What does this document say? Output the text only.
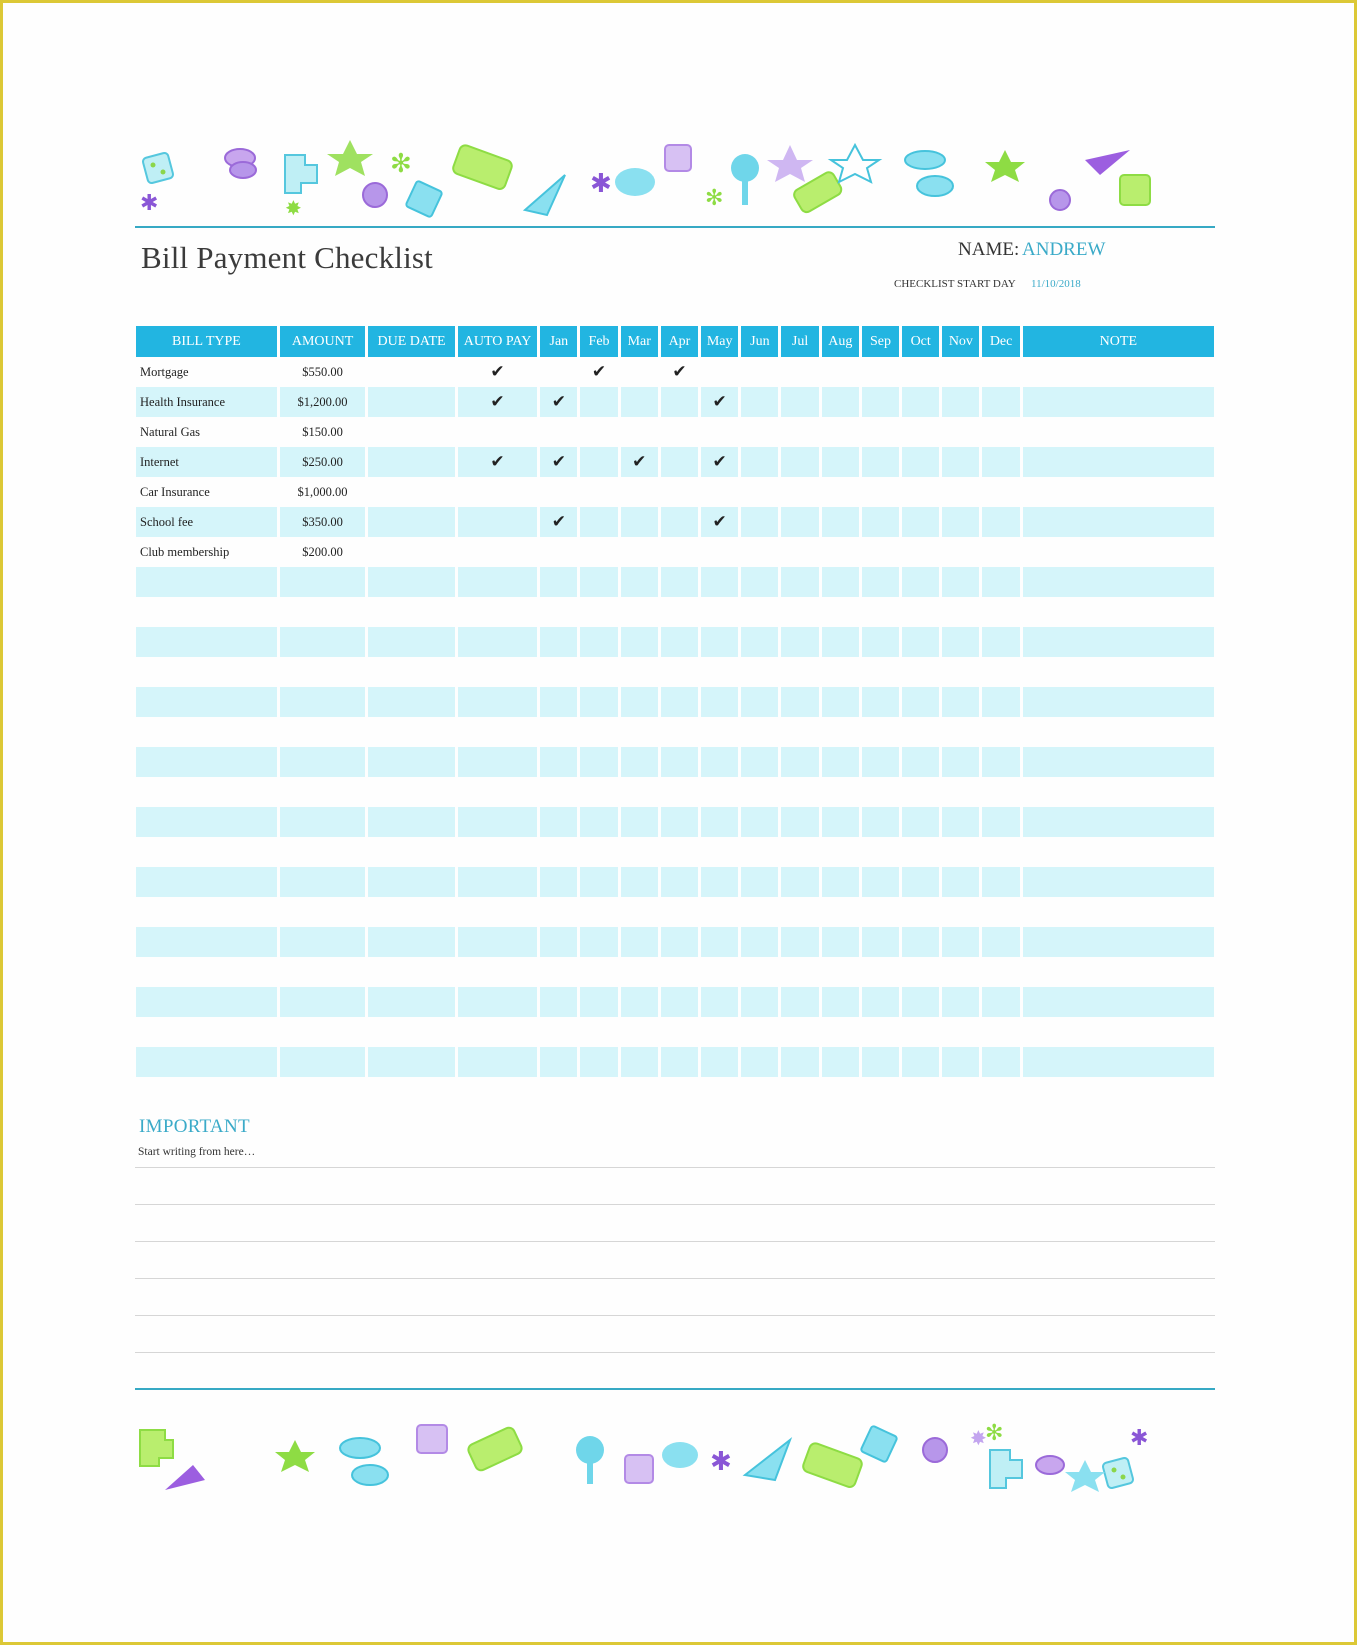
✻
✱
✱	✸	✻
Bill Payment Checklist	NAME: ANDREW
CHECKLIST START DAY 11/10/2018
BILL TYPE	AMOUNT	DUE DATE	AUTO PAY	Jan	Feb	Mar	Apr	May	Jun	Jul	Aug	Sep	Oct	Nov	Dec	NOTE
Mortgage	$550.00		✔		✔		✔									
Health Insurance	$1,200.00		✔	✔				✔								
Natural Gas	$150.00															
Internet	$250.00		✔	✔		✔		✔								
Car Insurance	$1,000.00															
School fee	$350.00			✔				✔								
Club membership	$200.00															

IMPORTANT
Start writing from here…
✱
✸
✻	✱
